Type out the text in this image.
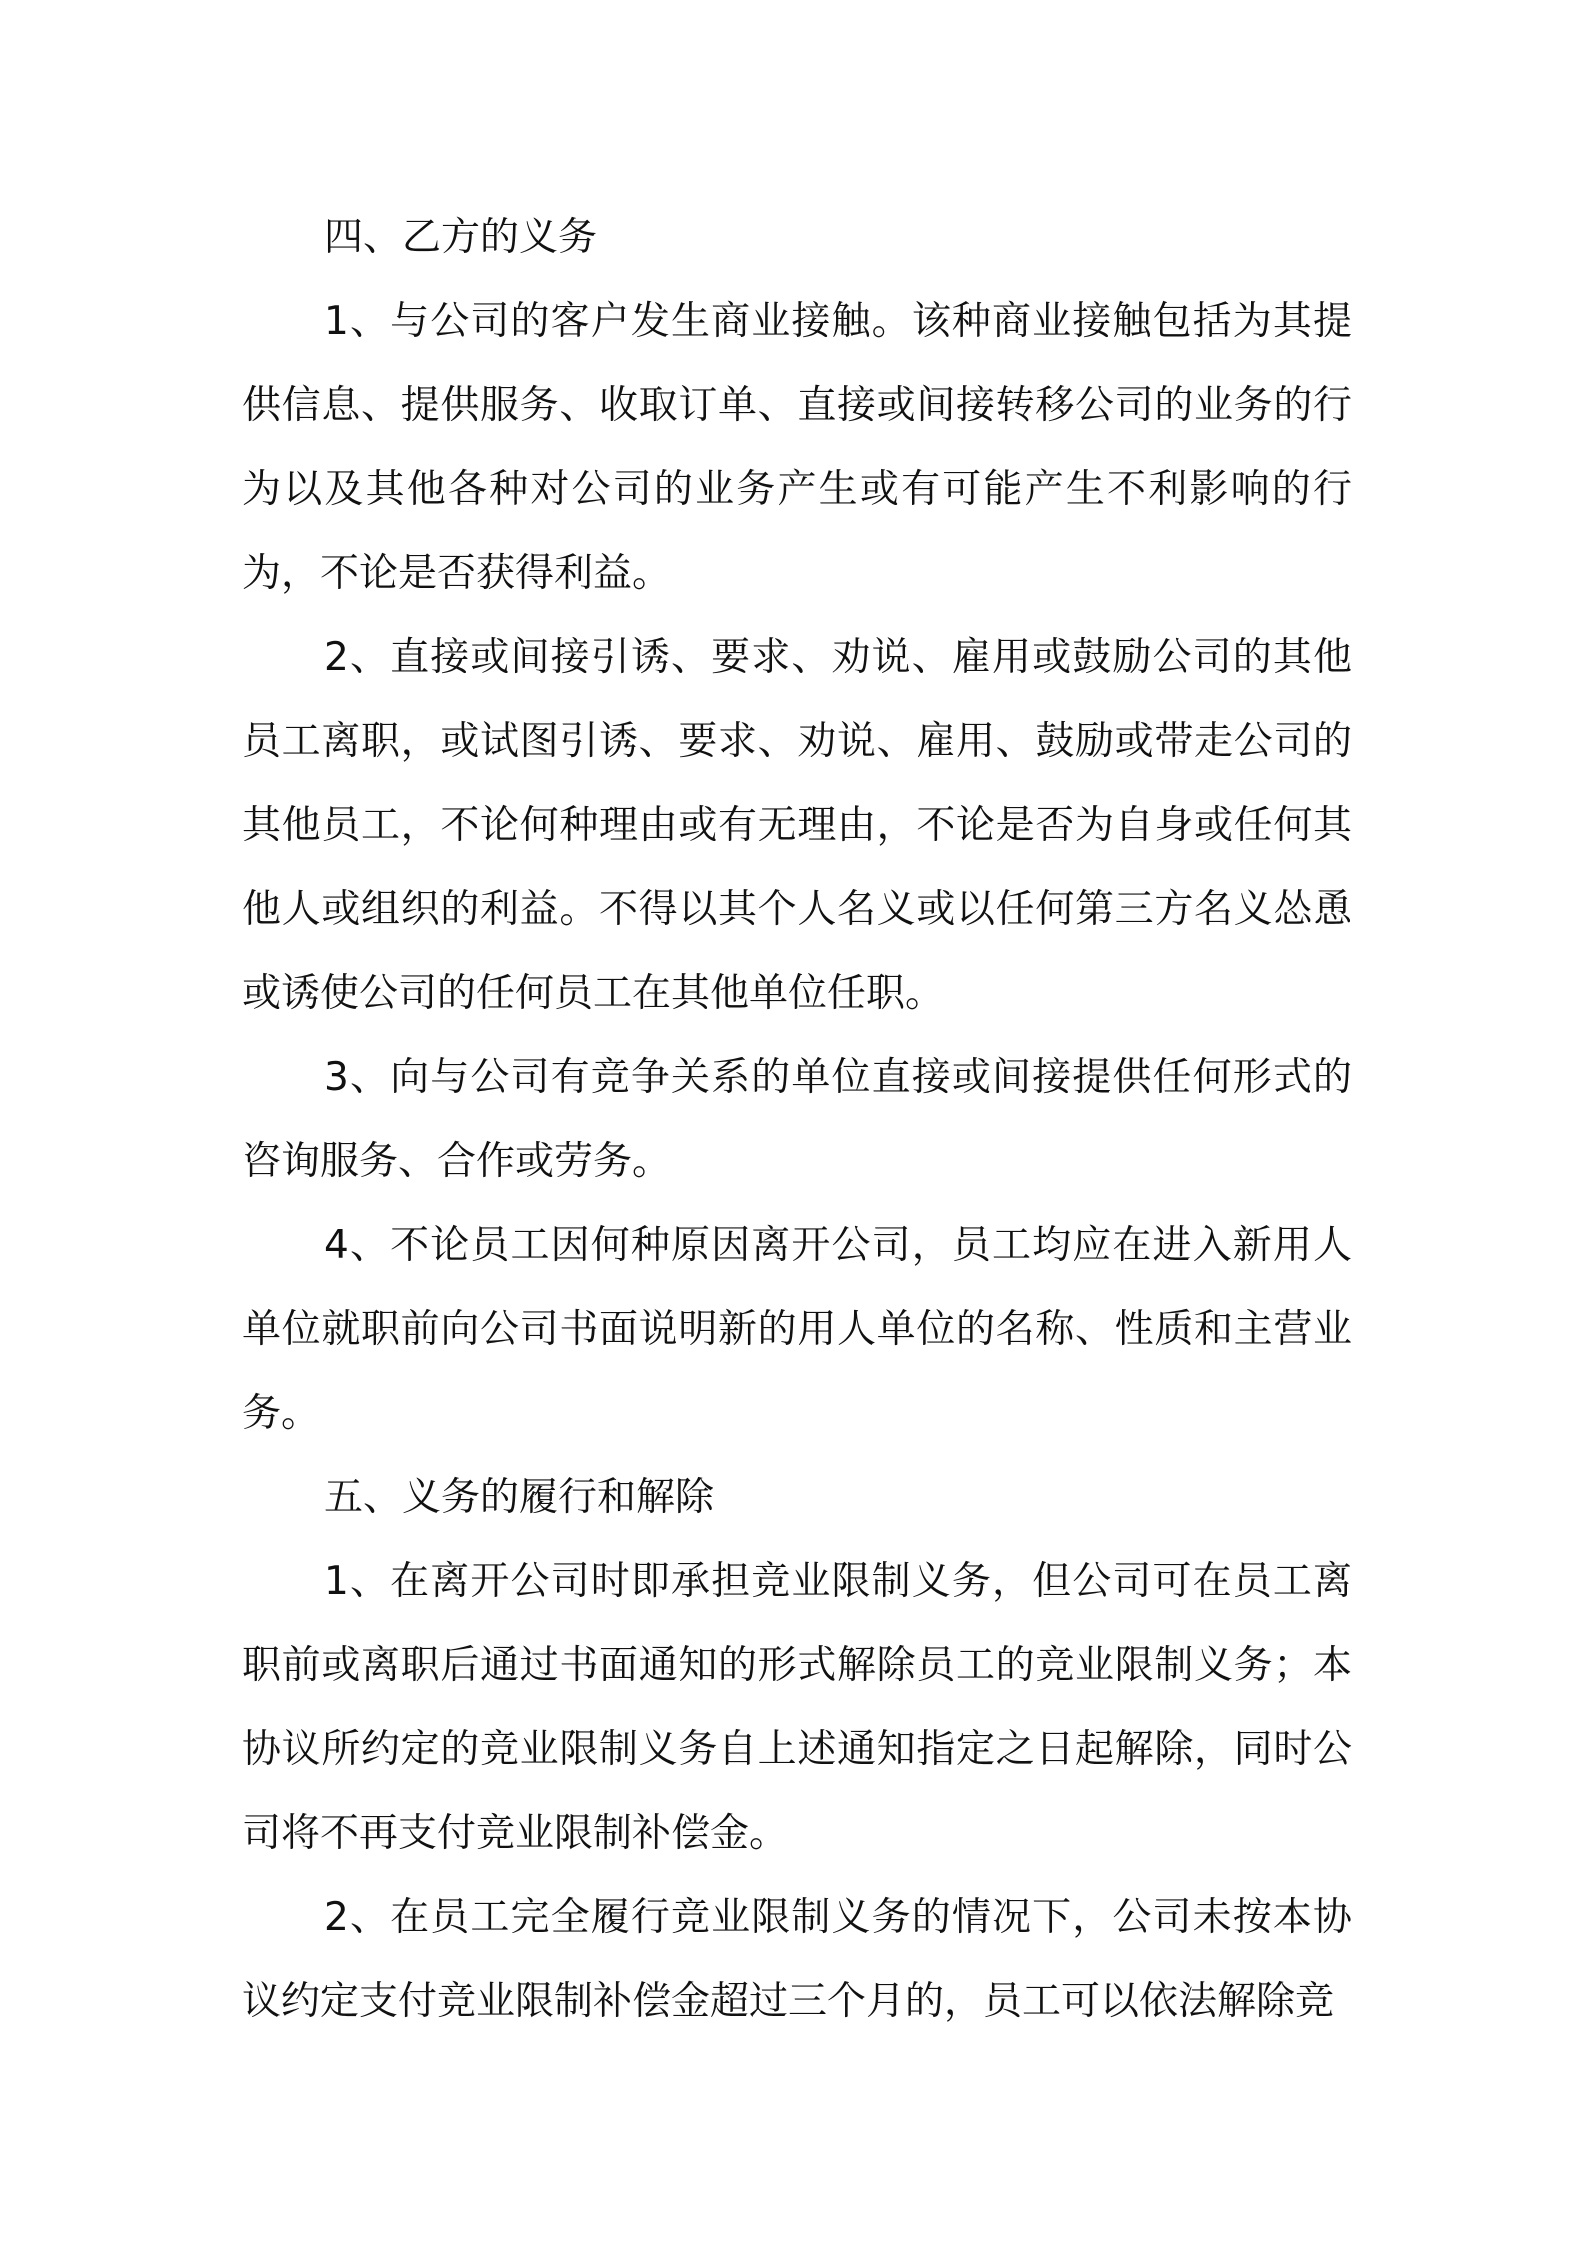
四、乙方的义务

1、与公司的客户发生商业接触。该种商业接触包括为其提供信息、提供服务、收取订单、直接或间接转移公司的业务的行为以及其他各种对公司的业务产生或有可能产生不利影响的行为，不论是否获得利益。

2、直接或间接引诱、要求、劝说、雇用或鼓励公司的其他员工离职，或试图引诱、要求、劝说、雇用、鼓励或带走公司的其他员工，不论何种理由或有无理由，不论是否为自身或任何其他人或组织的利益。不得以其个人名义或以任何第三方名义怂恿或诱使公司的任何员工在其他单位任职。

3、向与公司有竞争关系的单位直接或间接提供任何形式的咨询服务、合作或劳务。

4、不论员工因何种原因离开公司，员工均应在进入新用人单位就职前向公司书面说明新的用人单位的名称、性质和主营业务。

五、义务的履行和解除

1、在离开公司时即承担竞业限制义务，但公司可在员工离职前或离职后通过书面通知的形式解除员工的竞业限制义务；本协议所约定的竞业限制义务自上述通知指定之日起解除，同时公司将不再支付竞业限制补偿金。

2、在员工完全履行竞业限制义务的情况下，公司未按本协议约定支付竞业限制补偿金超过三个月的，员工可以依法解除竞
